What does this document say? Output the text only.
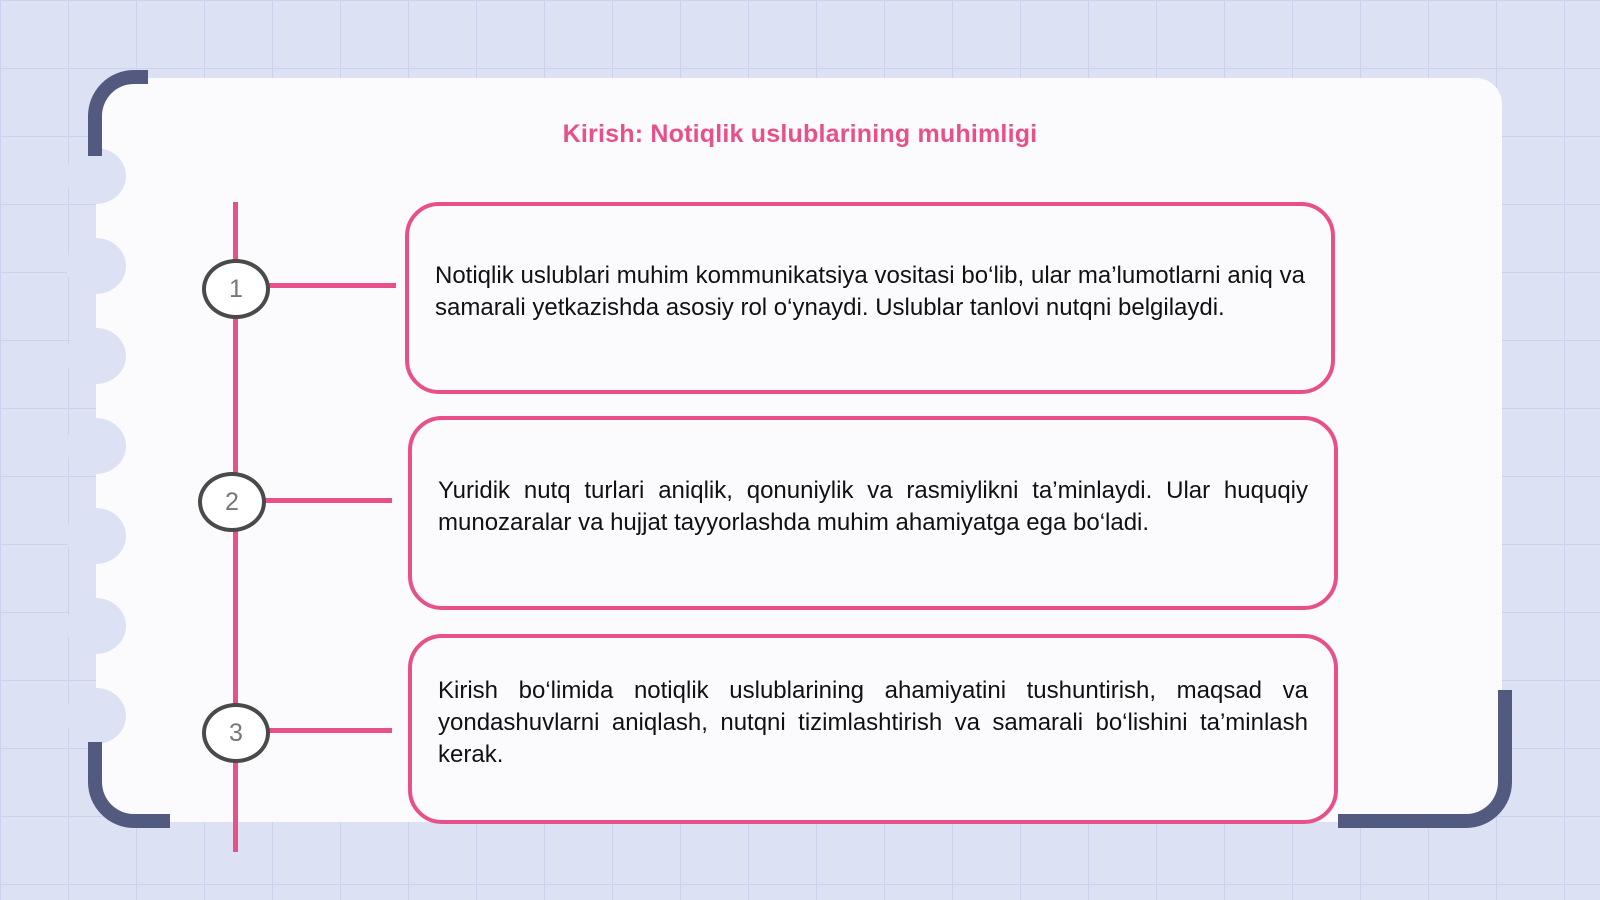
Kirish: Notiqlik uslublarining muhimligi
1
2
3

Notiqlik uslublari muhim kommunikatsiya vositasi bo‘lib, ular ma’lumotlarni aniq va samarali yetkazishda asosiy rol o‘ynaydi. Uslublar tanlovi nutqni belgilaydi.

Yuridik nutq turlari aniqlik, qonuniylik va rasmiylikni ta’minlaydi. Ular huquqiy munozaralar va hujjat tayyorlashda muhim ahamiyatga ega bo‘ladi.

Kirish bo‘limida notiqlik uslublarining ahamiyatini tushuntirish, maqsad va yondashuvlarni aniqlash, nutqni tizimlashtirish va samarali bo‘lishini ta’minlash kerak.
